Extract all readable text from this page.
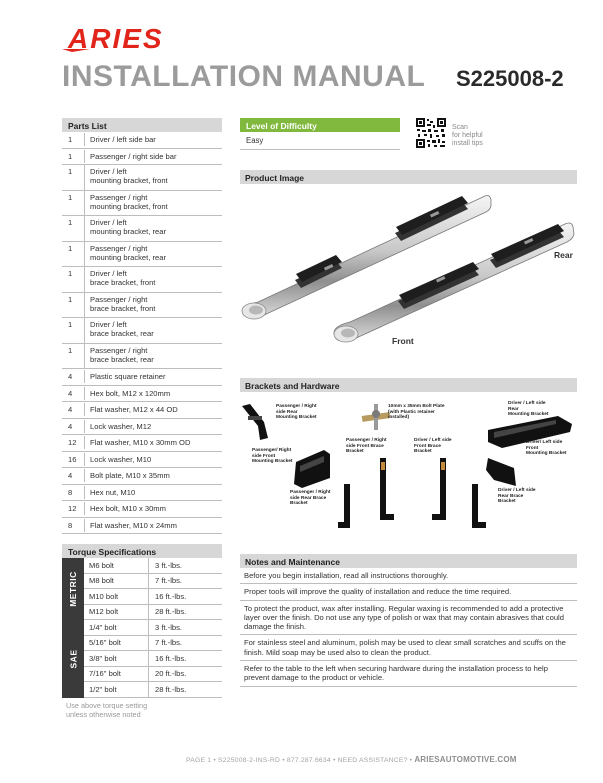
ARIES
INSTALLATION MANUAL S225008-2
Parts List
1	Driver / left side bar
1	Passenger / right side bar
1	Driver / left
mounting bracket, front
1	Passenger / right
mounting bracket, front
1	Driver / left
mounting bracket, rear
1	Passenger / right
mounting bracket, rear
1	Driver / left
brace bracket, front
1	Passenger / right
brace bracket, front
1	Driver / left
brace bracket, rear
1	Passenger / right
brace bracket, rear
4	Plastic square retainer
4	Hex bolt, M12 x 120mm
4	Flat washer, M12 x 44 OD
4	Lock washer, M12
12	Flat washer, M10 x 30mm OD
16	Lock washer, M10
4	Bolt plate, M10 x 35mm
8	Hex nut, M10
12	Hex bolt, M10 x 30mm
8	Flat washer, M10 x 24mm
Torque Specifications
METRIC
M6 bolt	3 ft.-lbs.
M8 bolt	7 ft.-lbs.
M10 bolt	16 ft.-lbs.
M12 bolt	28 ft.-lbs.
SAE
1/4" bolt	3 ft.-lbs.
5/16" bolt	7 ft.-lbs.
3/8" bolt	16 ft.-lbs.
7/16" bolt	20 ft.-lbs.
1/2" bolt	28 ft.-lbs.
Use above torque setting
unless otherwise noted
Level of Difficulty
Easy
Scan
for helpful
install tips
Product Image
Rear
Front
Brackets and Hardware
Passenger / Right
side Rear
Mounting Bracket
10mm x 35mm Bolt Plate
(with Plastic retainer
installed)
Driver / Left side
Rear
Mounting Bracket
Passenger/ Right
side Front
Mounting Bracket
Passenger / Right
side Front Brace
Bracket
Driver / Left side
Front Brace
Bracket
Driver/ Left side
Front
Mounting Bracket
Passenger / Right
side Rear Brace
Bracket
Driver / Left side
Rear Brace
Bracket
Notes and Maintenance
Before you begin installation, read all instructions thoroughly.
Proper tools will improve the quality of installation and reduce the time required.
To protect the product, wax after installing. Regular waxing is recommended to add a protective layer over the finish. Do not use any type of polish or wax that may contain abrasives that could damage the finish.
For stainless steel and aluminum, polish may be used to clear small scratches and scuffs on the finish. Mild soap may be used also to clean the product.
Refer to the table to the left when securing hardware during the installation process to help prevent damage to the product or vehicle.
PAGE 1 • S225008-2-INS-RD • 877.287.6634 • NEED ASSISTANCE? • ARIESAUTOMOTIVE.COM
